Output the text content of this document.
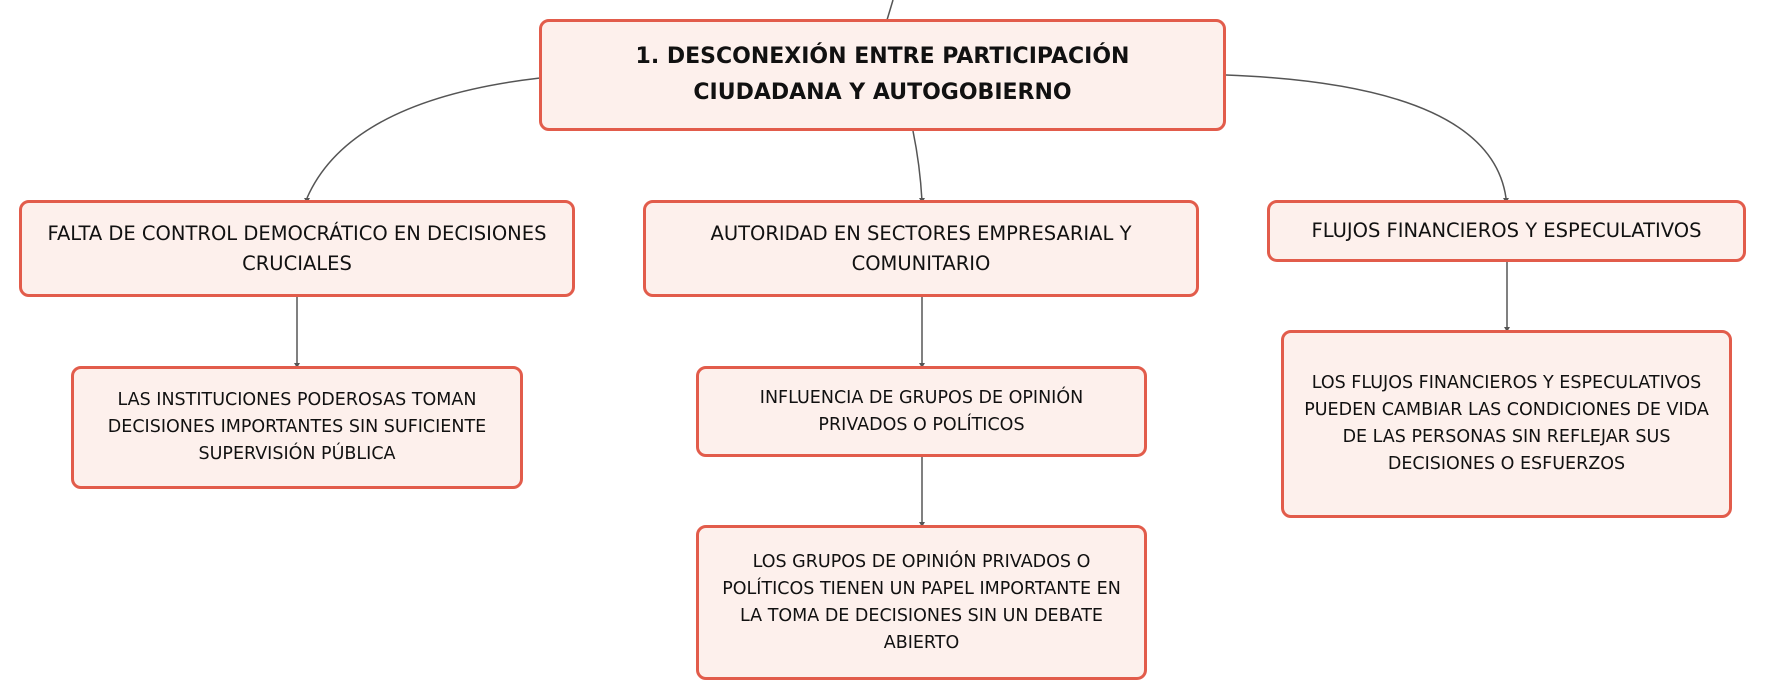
1. DESCONEXIÓN ENTRE PARTICIPACIÓN CIUDADANA Y AUTOGOBIERNO
FALTA DE CONTROL DEMOCRÁTICO EN DECISIONES CRUCIALES
AUTORIDAD EN SECTORES EMPRESARIAL Y COMUNITARIO
FLUJOS FINANCIEROS Y ESPECULATIVOS
LAS INSTITUCIONES PODEROSAS TOMAN DECISIONES IMPORTANTES SIN SUFICIENTE SUPERVISIÓN PÚBLICA
INFLUENCIA DE GRUPOS DE OPINIÓN PRIVADOS O POLÍTICOS
LOS GRUPOS DE OPINIÓN PRIVADOS O POLÍTICOS TIENEN UN PAPEL IMPORTANTE EN LA TOMA DE DECISIONES SIN UN DEBATE ABIERTO
LOS FLUJOS FINANCIEROS Y ESPECULATIVOS PUEDEN CAMBIAR LAS CONDICIONES DE VIDA DE LAS PERSONAS SIN REFLEJAR SUS DECISIONES O ESFUERZOS
